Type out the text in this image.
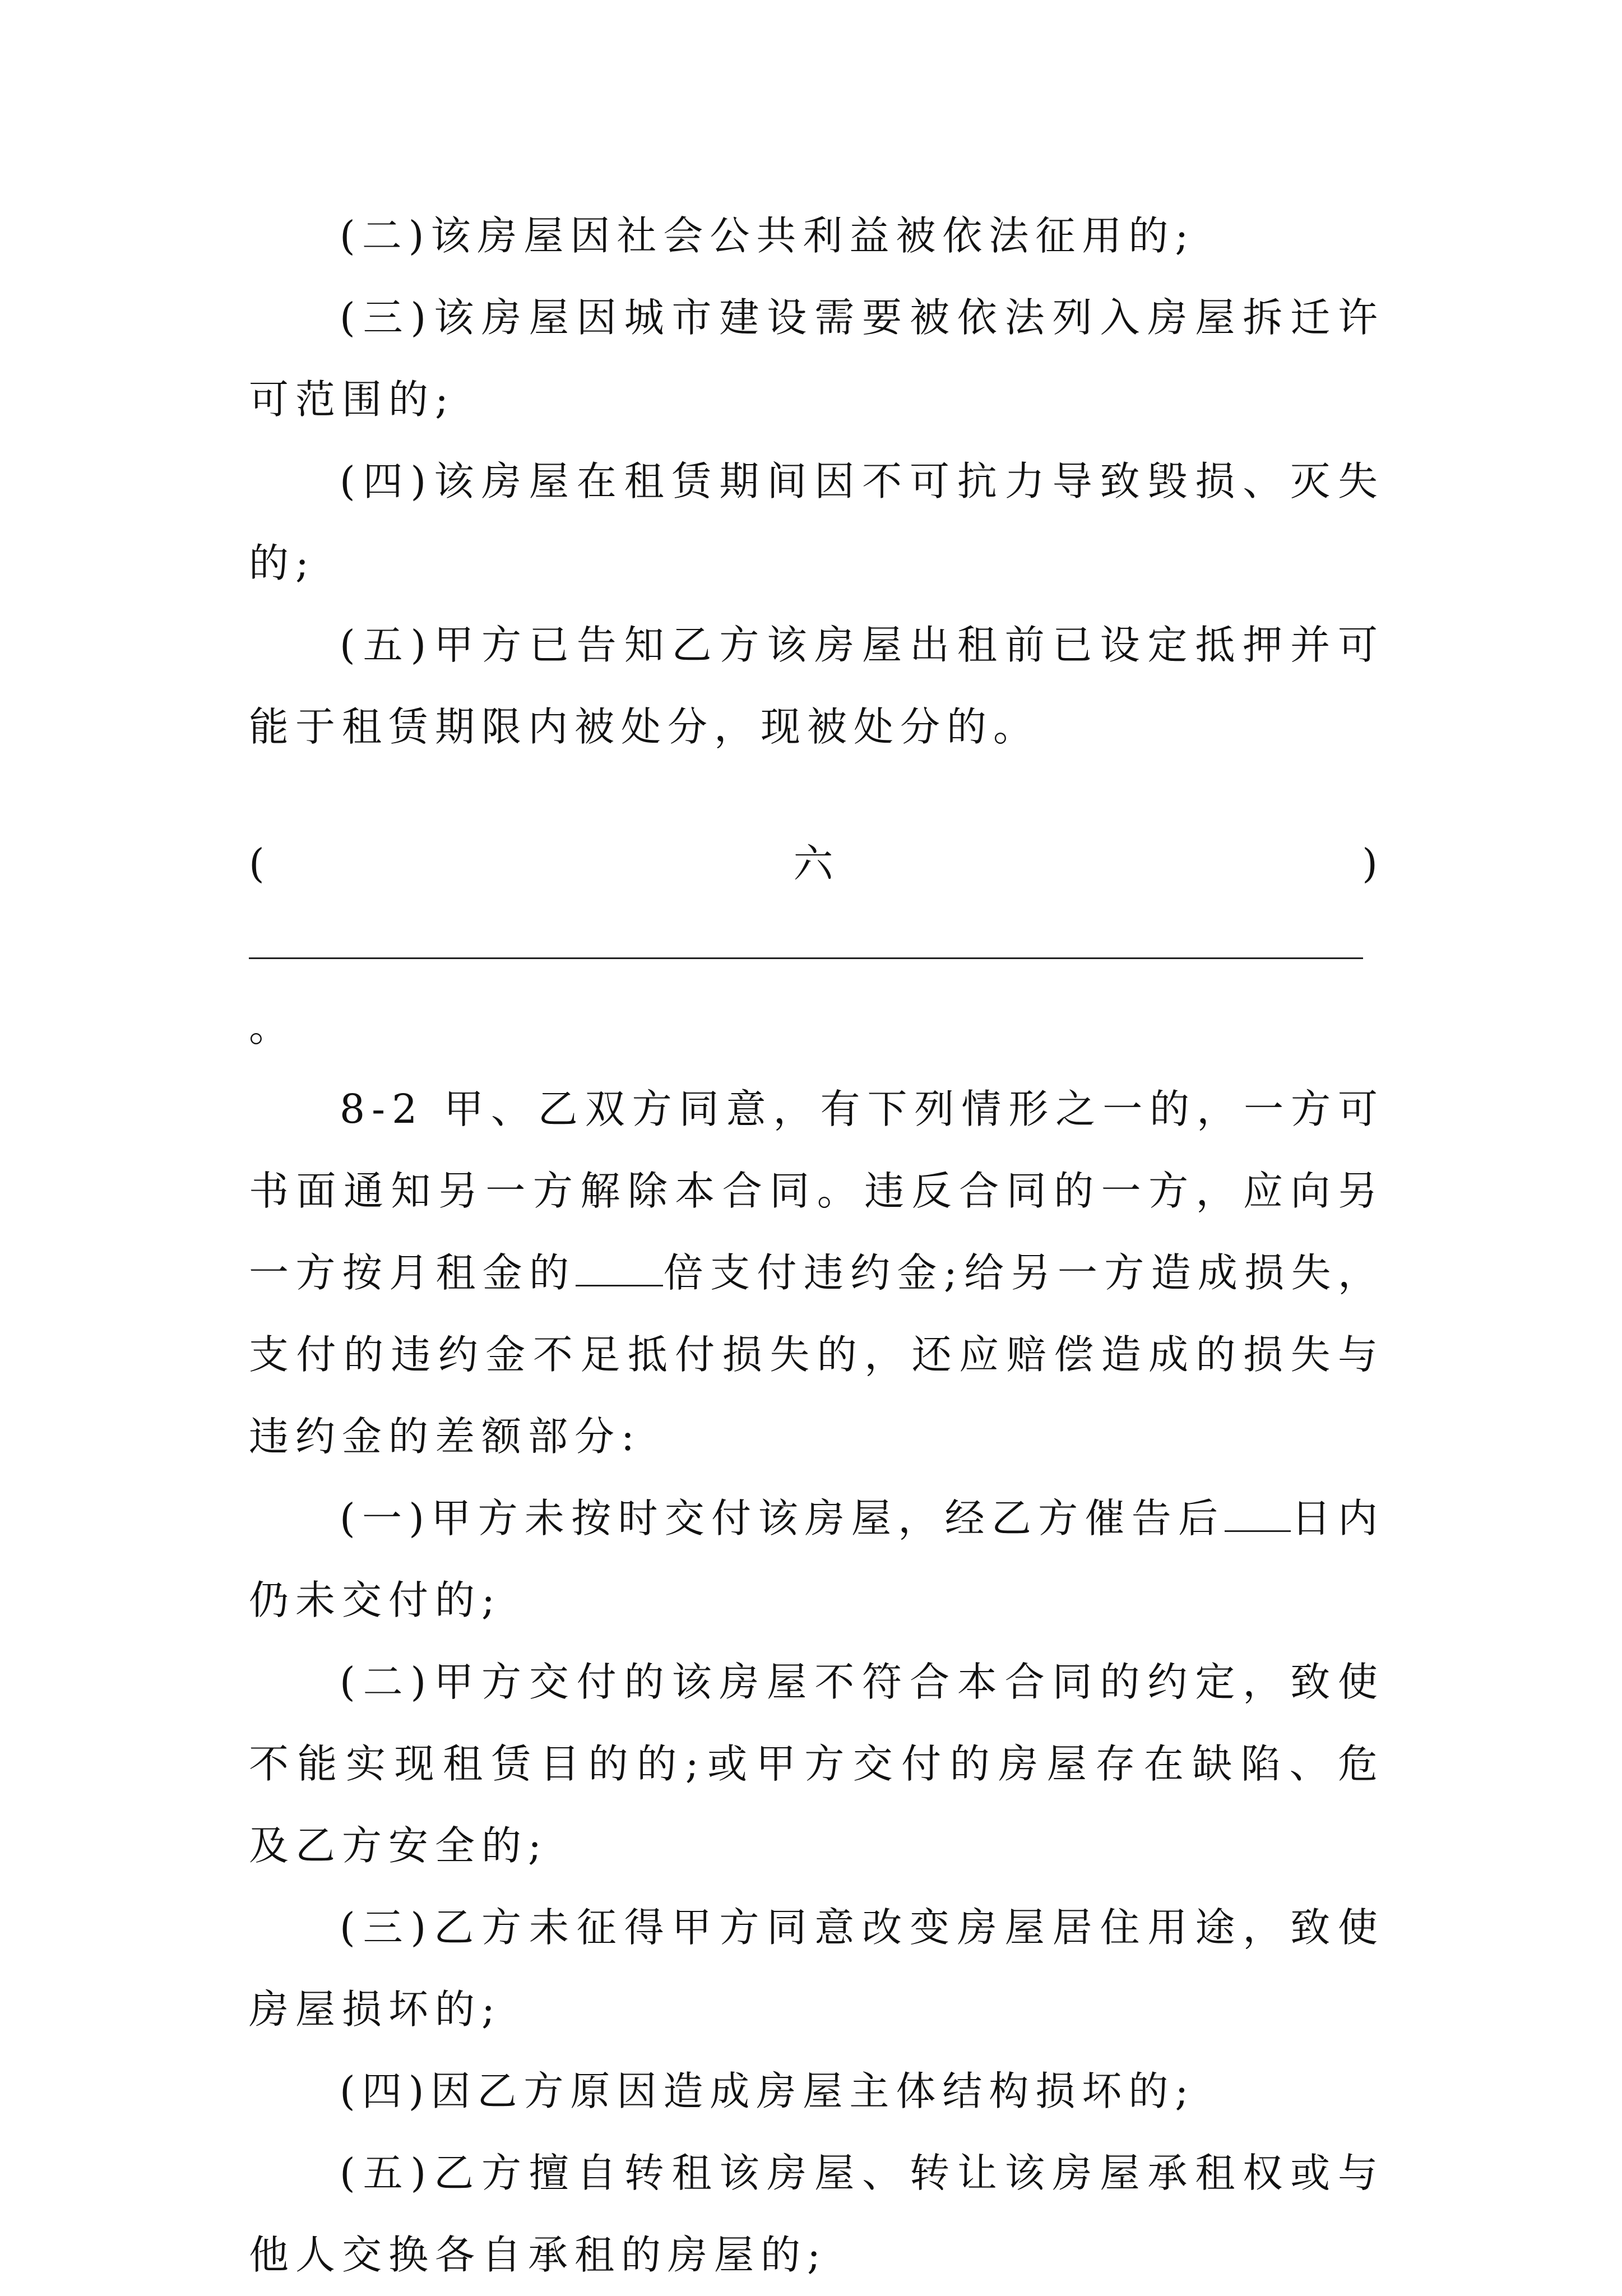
(二)该房屋因社会公共利益被依法征用的;

(三)该房屋因城市建设需要被依法列入房屋拆迁许可范围的;

(四)该房屋在租赁期间因不可抗力导致毁损、灭失的;

(五)甲方已告知乙方该房屋出租前已设定抵押并可能于租赁期限内被处分，现被处分的。

(六)。

8-2 甲、乙双方同意，有下列情形之一的，一方可书面通知另一方解除本合同。违反合同的一方，应向另一方按月租金的 倍支付违约金;给另一方造成损失，支付的违约金不足抵付损失的，还应赔偿造成的损失与违约金的差额部分:

(一)甲方未按时交付该房屋，经乙方催告后 日内仍未交付的;

(二)甲方交付的该房屋不符合本合同的约定，致使不能实现租赁目的的;或甲方交付的房屋存在缺陷、危及乙方安全的;

(三)乙方未征得甲方同意改变房屋居住用途，致使房屋损坏的;

(四)因乙方原因造成房屋主体结构损坏的;

(五)乙方擅自转租该房屋、转让该房屋承租权或与他人交换各自承租的房屋的;
